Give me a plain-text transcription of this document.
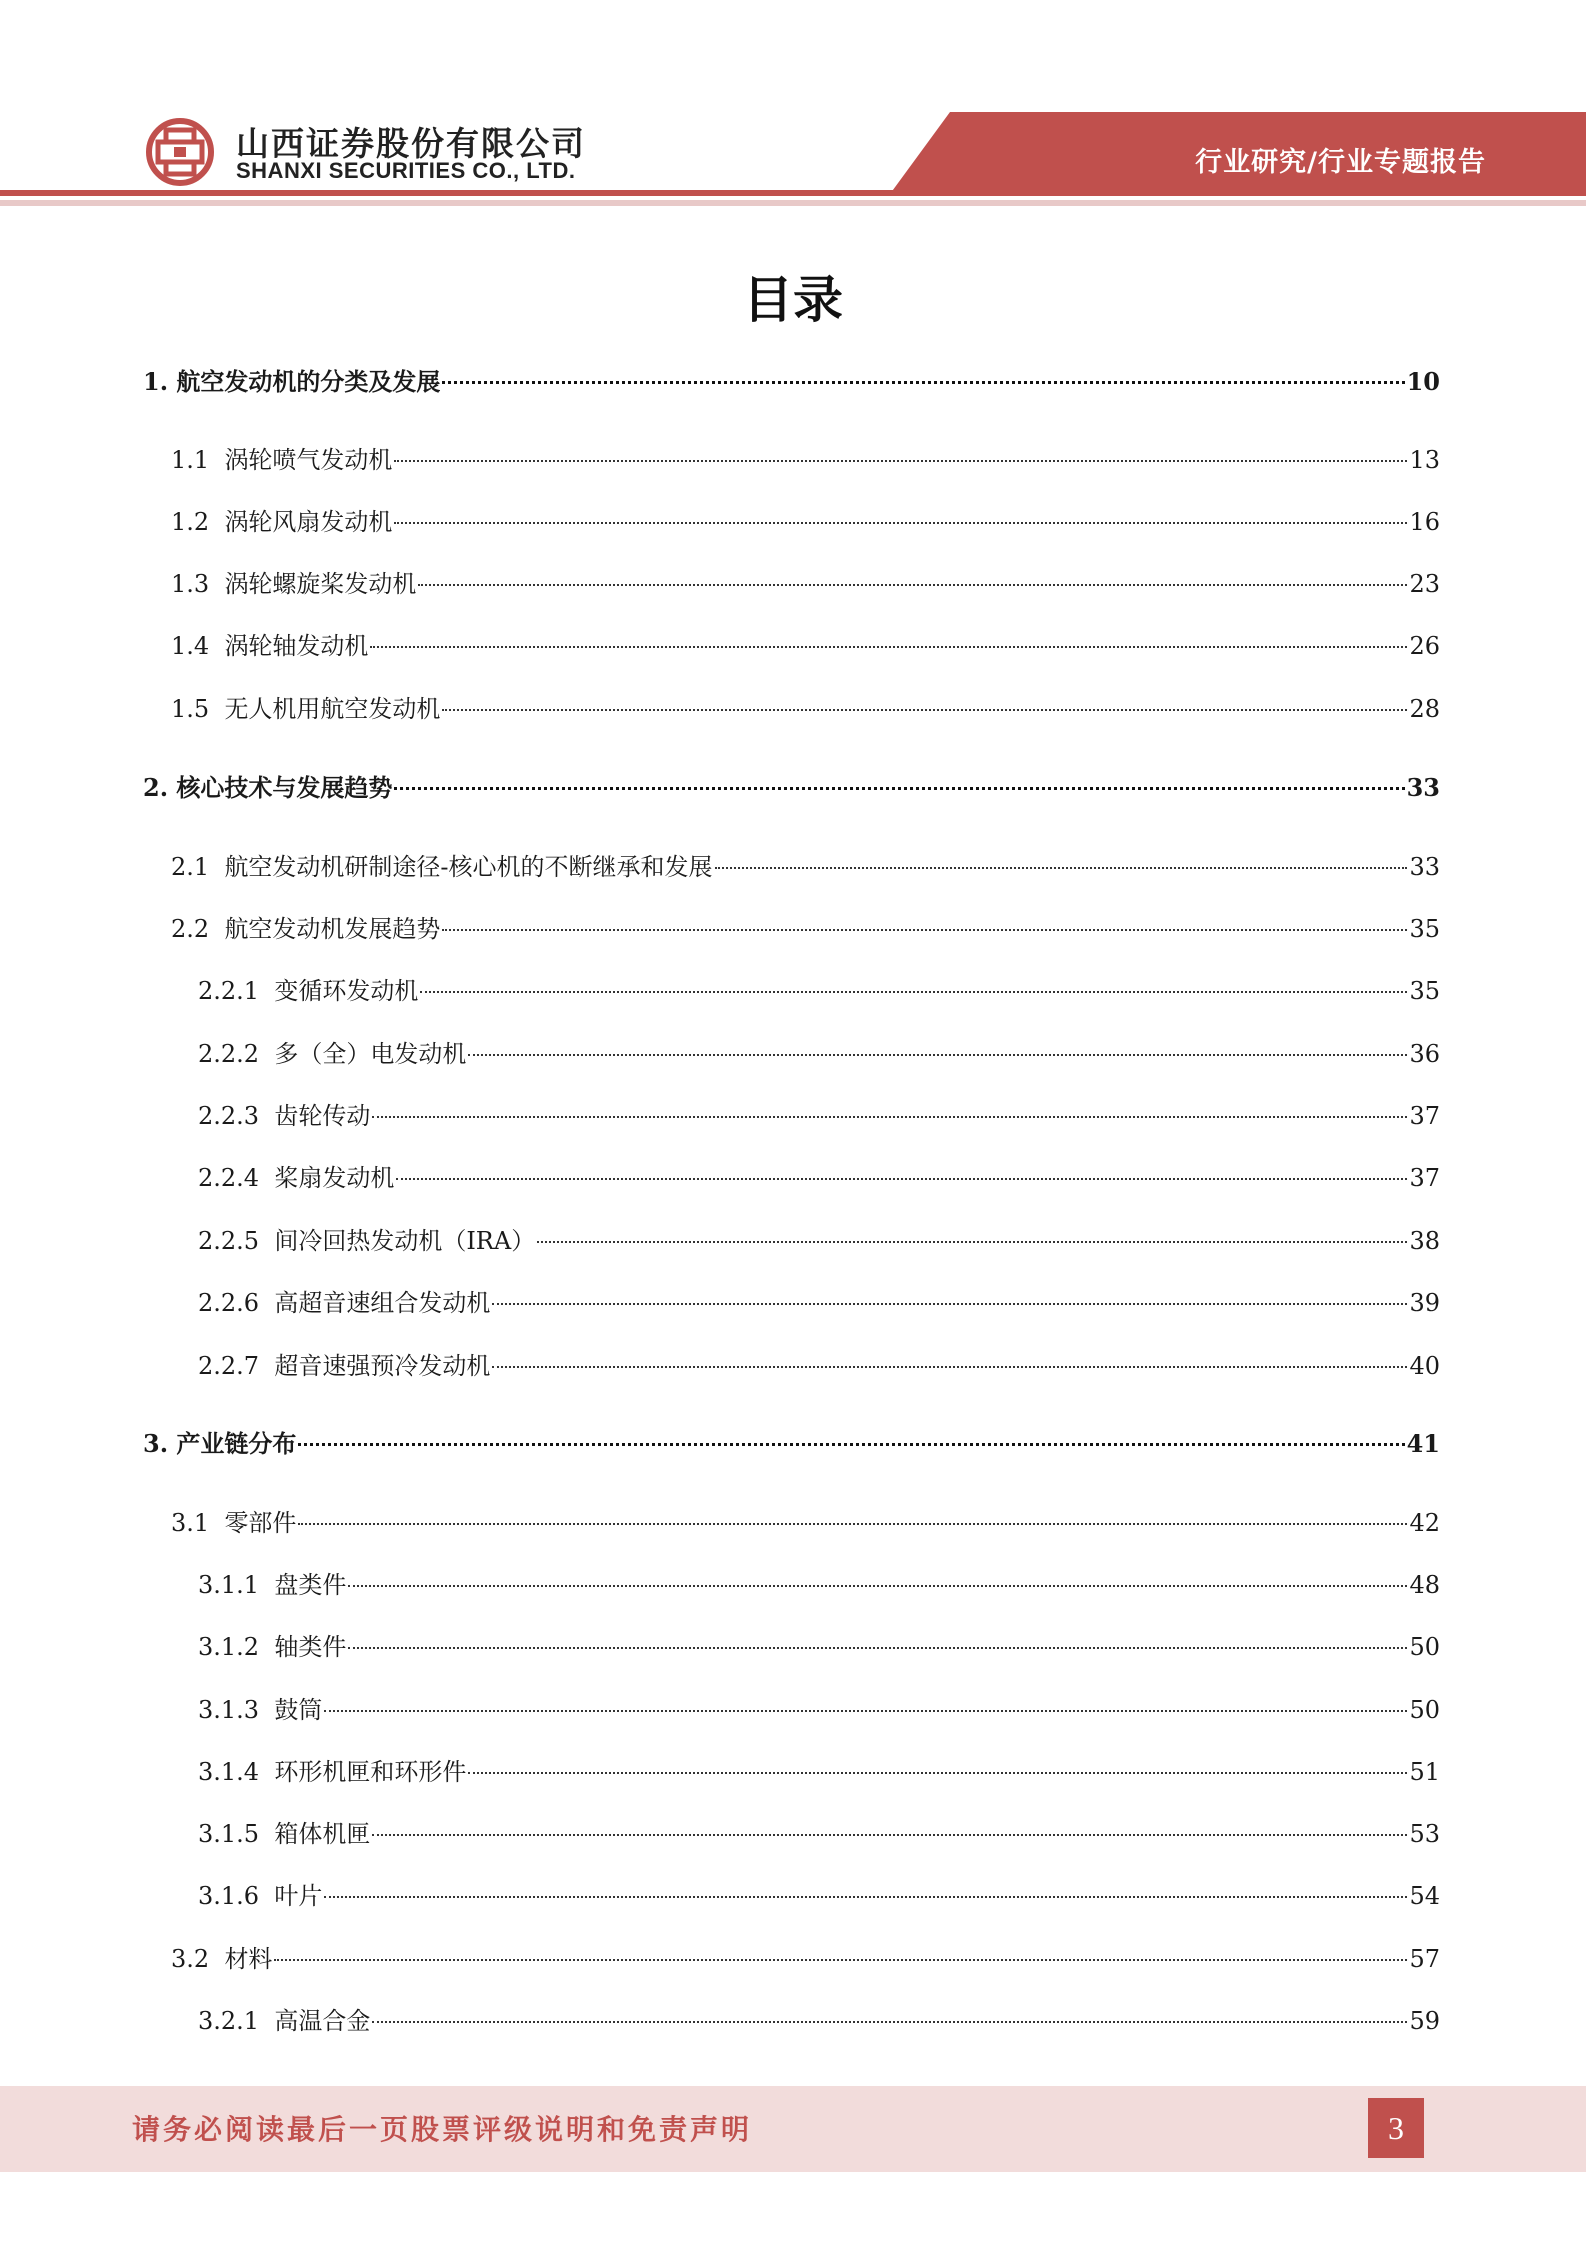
山西证券股份有限公司
SHANXI SECURITIES CO., LTD.	行业研究/行业专题报告
目录
1. 航空发动机的分类及发展	10
1.1 涡轮喷气发动机	13
1.2 涡轮风扇发动机	16
1.3 涡轮螺旋桨发动机	23
1.4 涡轮轴发动机	26
1.5 无人机用航空发动机	28
2. 核心技术与发展趋势	33
2.1 航空发动机研制途径-核心机的不断继承和发展	33
2.2 航空发动机发展趋势	35
2.2.1 变循环发动机	35
2.2.2 多（全）电发动机	36
2.2.3 齿轮传动	37
2.2.4 桨扇发动机	37
2.2.5 间冷回热发动机（IRA）	38
2.2.6 高超音速组合发动机	39
2.2.7 超音速强预冷发动机	40
3. 产业链分布	41
3.1 零部件	42
3.1.1 盘类件	48
3.1.2 轴类件	50
3.1.3 鼓筒	50
3.1.4 环形机匣和环形件	51
3.1.5 箱体机匣	53
3.1.6 叶片	54
3.2 材料	57
3.2.1 高温合金	59
请务必阅读最后一页股票评级说明和免责声明	3
